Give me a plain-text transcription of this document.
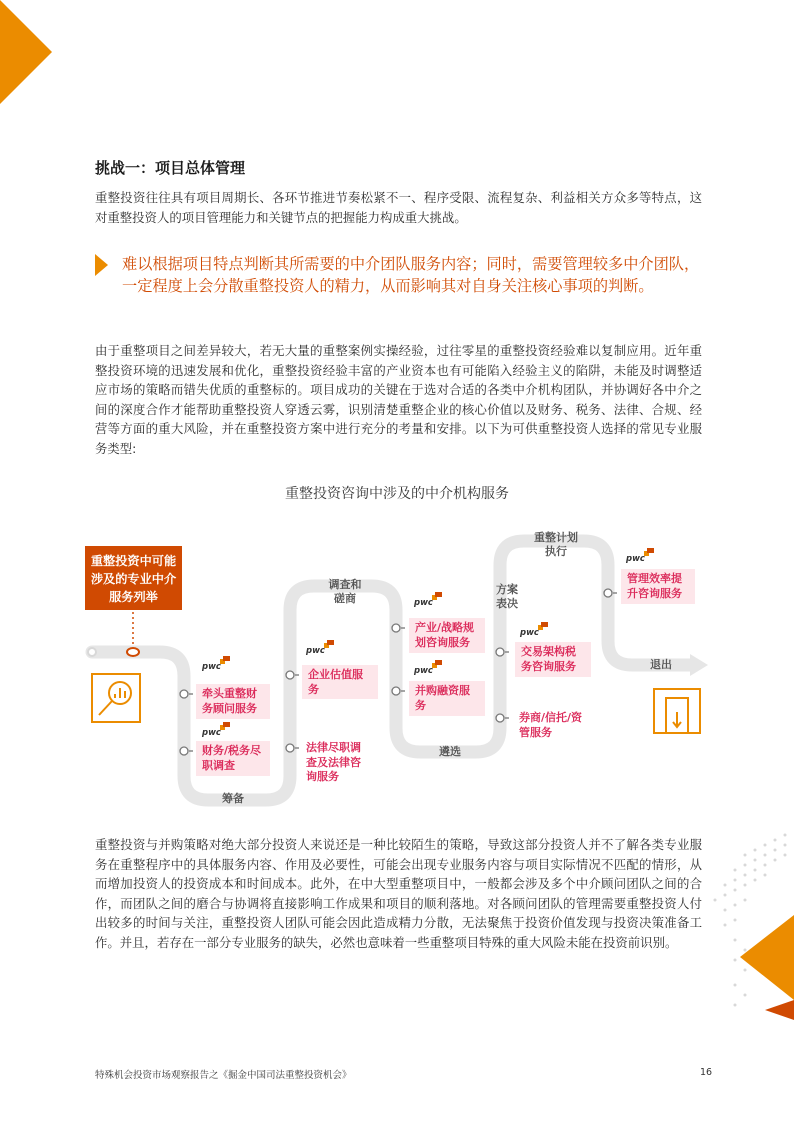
挑战一：项目总体管理
重整投资往往具有项目周期长、各环节推进节奏松紧不一、程序受限、流程复杂、利益相关方众多等特点，这对重整投资人的项目管理能力和关键节点的把握能力构成重大挑战。
难以根据项目特点判断其所需要的中介团队服务内容；同时，需要管理较多中介团队，一定程度上会分散重整投资人的精力，从而影响其对自身关注核心事项的判断。
由于重整项目之间差异较大，若无大量的重整案例实操经验，过往零星的重整投资经验难以复制应用。近年重整投资环境的迅速发展和优化，重整投资经验丰富的产业资本也有可能陷入经验主义的陷阱，未能及时调整适应市场的策略而错失优质的重整标的。项目成功的关键在于选对合适的各类中介机构团队，并协调好各中介之间的深度合作才能帮助重整投资人穿透云雾，识别清楚重整企业的核心价值以及财务、税务、法律、合规、经营等方面的重大风险，并在重整投资方案中进行充分的考量和安排。以下为可供重整投资人选择的常见专业服务类型:
重整投资咨询中涉及的中介机构服务
重整投资中可能涉及的专业中介服务列举
筹备
调查和磋商
遴选
方案表决
重整计划执行
退出
pwc
pwc
pwc
pwc
pwc
pwc
pwc
牵头重整财务顾问服务
财务/税务尽职调查
企业估值服务
法律尽职调查及法律咨询服务
产业/战略规划咨询服务
并购融资服务
交易架构税务咨询服务
券商/信托/资管服务
管理效率提升咨询服务
重整投资与并购策略对绝大部分投资人来说还是一种比较陌生的策略，导致这部分投资人并不了解各类专业服务在重整程序中的具体服务内容、作用及必要性，可能会出现专业服务内容与项目实际情况不匹配的情形，从而增加投资人的投资成本和时间成本。此外，在中大型重整项目中，一般都会涉及多个中介顾问团队之间的合作，而团队之间的磨合与协调将直接影响工作成果和项目的顺利落地。对各顾问团队的管理需要重整投资人付出较多的时间与关注，重整投资人团队可能会因此造成精力分散，无法聚焦于投资价值发现与投资决策准备工作。并且，若存在一部分专业服务的缺失，必然也意味着一些重整项目特殊的重大风险未能在投资前识别。
特殊机会投资市场观察报告之《掘金中国司法重整投资机会》	16
